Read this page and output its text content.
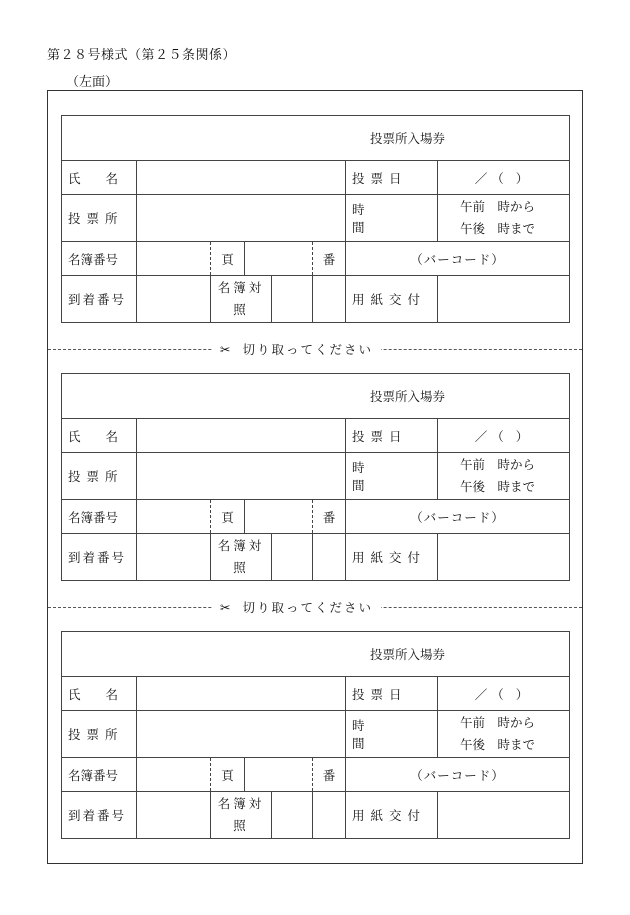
第２８号様式（第２５条関係）
（左面）
投票所入場券						

氏　　名					投票日	／（ ）
投票所					時間	午前　時から
午後　時まで

名簿番号		頁		番	（バーコード）	
到着番号		名簿対照			用紙交付	
投票所入場券						

氏　　名					投票日	／（ ）
投票所					時間	午前　時から
午後　時まで

名簿番号		頁		番	（バーコード）	
到着番号		名簿対照			用紙交付	
投票所入場券						

氏　　名					投票日	／（ ）
投票所					時間	午前　時から
午後　時まで

名簿番号		頁		番	（バーコード）	
到着番号		名簿対照			用紙交付	
✂ 切り取ってください
✂ 切り取ってください
